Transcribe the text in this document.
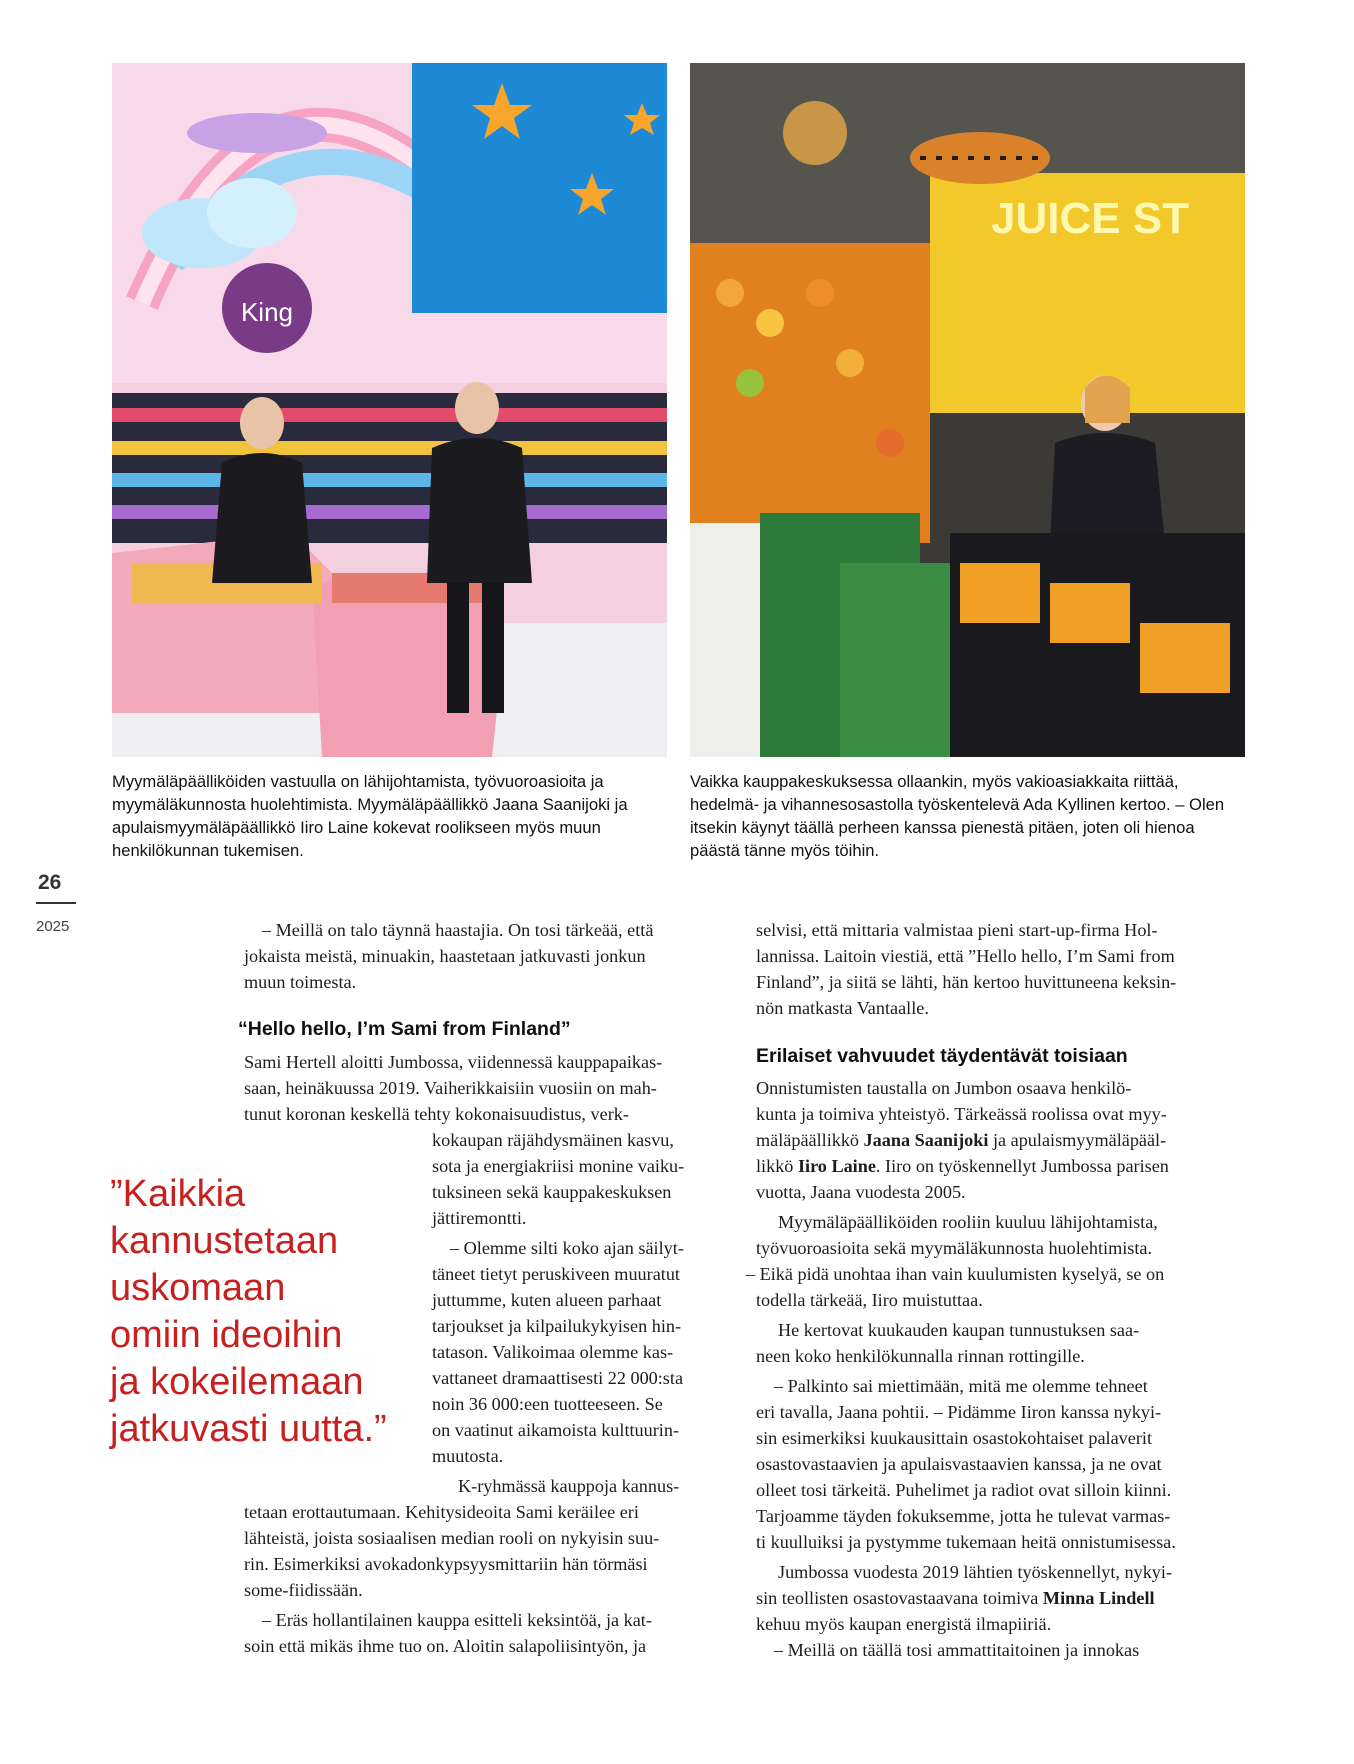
King
JUICE ST
Myymäläpäälliköiden vastuulla on lähijohtamista, työvuoroasioita ja myymäläkunnosta huolehtimista. Myymäläpäällikkö Jaana Saanijoki ja apulaismyymäläpäällikkö Iiro Laine kokevat roolikseen myös muun henkilökunnan tukemisen.
Vaikka kauppakeskuksessa ollaankin, myös vakioasiakkaita riittää, hedelmä- ja vihannesosastolla työskentelevä Ada Kyllinen kertoo. – Olen itsekin käynyt täällä perheen kanssa pienestä pitäen, joten oli hienoa päästä tänne myös töihin.
26
2025
”Kaikkia
kannustetaan
uskomaan
omiin ideoihin
ja kokeilemaan
jatkuvasti uutta.”
– Meillä on talo täynnä haastajia. On tosi tärkeää, että
jokaista meistä, minuakin, haastetaan jatkuvasti jonkun
muun toimesta.
“Hello hello, I’m Sami from Finland”
Sami Hertell aloitti Jumbossa, viidennessä kauppapaikas-
saan, heinäkuussa 2019. Vaiherikkaisiin vuosiin on mah-
tunut koronan keskellä tehty kokonaisuudistus, verk-
kokaupan räjähdysmäinen kasvu,
sota ja energiakriisi monine vaiku-
tuksineen sekä kauppakeskuksen
jättiremontti.
– Olemme silti koko ajan säilyt-
täneet tietyt peruskiveen muuratut
juttumme, kuten alueen parhaat
tarjoukset ja kilpailukykyisen hin-
tatason. Valikoimaa olemme kas-
vattaneet dramaattisesti 22 000:sta
noin 36 000:een tuotteeseen. Se
on vaatinut aikamoista kulttuurin-
muutosta.
K-ryhmässä kauppoja kannus-
tetaan erottautumaan. Kehitysideoita Sami keräilee eri
lähteistä, joista sosiaalisen median rooli on nykyisin suu-
rin. Esimerkiksi avokadonkypsyysmittariin hän törmäsi
some-fiidissään.
– Eräs hollantilainen kauppa esitteli keksintöä, ja kat-
soin että mikäs ihme tuo on. Aloitin salapoliisintyön, ja
selvisi, että mittaria valmistaa pieni start-up-firma Hol-
lannissa. Laitoin viestiä, että ”Hello hello, I’m Sami from
Finland”, ja siitä se lähti, hän kertoo huvittuneena keksin-
nön matkasta Vantaalle.
Erilaiset vahvuudet täydentävät toisiaan
Onnistumisten taustalla on Jumbon osaava henkilö-
kunta ja toimiva yhteistyö. Tärkeässä roolissa ovat myy-
mäläpäällikkö Jaana Saanijoki ja apulaismyymäläpääl-
likkö Iiro Laine. Iiro on työskennellyt Jumbossa parisen
vuotta, Jaana vuodesta 2005.
Myymäläpäälliköiden rooliin kuuluu lähijohtamista,
työvuoroasioita sekä myymäläkunnosta huolehtimista.
– Eikä pidä unohtaa ihan vain kuulumisten kyselyä, se on
todella tärkeää, Iiro muistuttaa.
He kertovat kuukauden kaupan tunnustuksen saa-
neen koko henkilökunnalla rinnan rottingille.
– Palkinto sai miettimään, mitä me olemme tehneet
eri tavalla, Jaana pohtii. – Pidämme Iiron kanssa nykyi-
sin esimerkiksi kuukausittain osastokohtaiset palaverit
osastovastaavien ja apulaisvastaavien kanssa, ja ne ovat
olleet tosi tärkeitä. Puhelimet ja radiot ovat silloin kiinni.
Tarjoamme täyden fokuksemme, jotta he tulevat varmas-
ti kuulluiksi ja pystymme tukemaan heitä onnistumisessa.
Jumbossa vuodesta 2019 lähtien työskennellyt, nykyi-
sin teollisten osastovastaavana toimiva Minna Lindell
kehuu myös kaupan energistä ilmapiiriä.
– Meillä on täällä tosi ammattitaitoinen ja innokas
